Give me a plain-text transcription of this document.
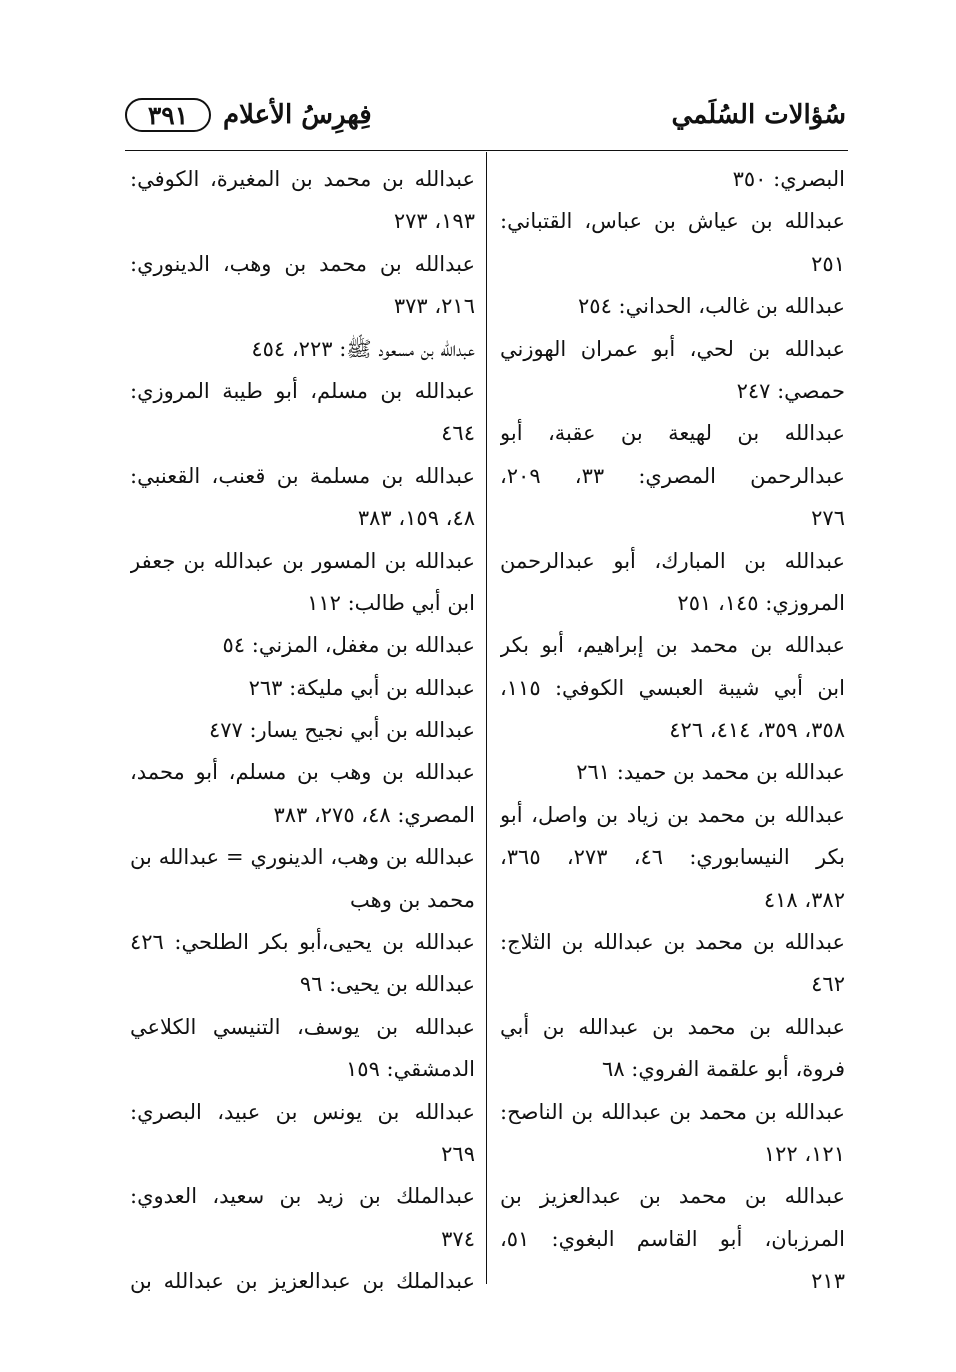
سُؤالات السُلَمي
فِهرِسُ الأعلام
٣٩١
البصري: ٣٥٠
عبدالله بن عياش بن عباس، القتباني:
٢٥١
عبدالله بن غالب، الحداني: ٢٥٤
عبدالله بن لحي، أبو عمران الهوزني
حمصي: ٢٤٧
عبدالله بن لهيعة بن عقبة، أبو
عبدالرحمن المصري: ٣٣، ٢٠٩،
٢٧٦
عبدالله بن المبارك، أبو عبدالرحمن
المروزي: ١٤٥، ٢٥١
عبدالله بن محمد بن إبراهيم، أبو بكر
ابن أبي شيبة العبسي الكوفي: ١١٥،
٣٥٨، ٣٥٩، ٤١٤، ٤٢٦
عبدالله بن محمد بن حميد: ٢٦١
عبدالله بن محمد بن زياد بن واصل، أبو
بكر النيسابوري: ٤٦، ٢٧٣، ٣٦٥،
٣٨٢، ٤١٨
عبدالله بن محمد بن عبدالله بن الثلاج:
٤٦٢
عبدالله بن محمد بن عبدالله بن أبي
فروة، أبو علقمة الفروي: ٦٨
عبدالله بن محمد بن عبدالله بن الناصح:
١٢١، ١٢٢
عبدالله بن محمد بن عبدالعزيز بن
المرزبان، أبو القاسم البغوي: ٥١،
٢١٣
عبدالله بن محمد بن المغيرة، الكوفي:
١٩٣، ٢٧٣
عبدالله بن محمد بن وهب، الدينوري:
٢١٦، ٣٧٣
عبدالله بن مسعود ﷺ: ٢٢٣، ٤٥٤
عبدالله بن مسلم، أبو طيبة المروزي:
٤٦٤
عبدالله بن مسلمة بن قعنب، القعنبي:
٤٨، ١٥٩، ٣٨٣
عبدالله بن المسور بن عبدالله بن جعفر
ابن أبي طالب: ١١٢
عبدالله بن مغفل، المزني: ٥٤
عبدالله بن أبي مليكة: ٢٦٣
عبدالله بن أبي نجيح يسار: ٤٧٧
عبدالله بن وهب بن مسلم، أبو محمد،
المصري: ٤٨، ٢٧٥، ٣٨٣
عبدالله بن وهب، الدينوري = عبدالله بن
محمد بن وهب
عبدالله بن يحيى،أبو بكر الطلحي: ٤٢٦
عبدالله بن يحيى: ٩٦
عبدالله بن يوسف، التنيسي الكلاعي
الدمشقي: ١٥٩
عبدالله بن يونس بن عبيد، البصري:
٢٦٩
عبدالملك بن زيد بن سعيد، العدوي:
٣٧٤
عبدالملك بن عبدالعزيز بن عبدالله بن
